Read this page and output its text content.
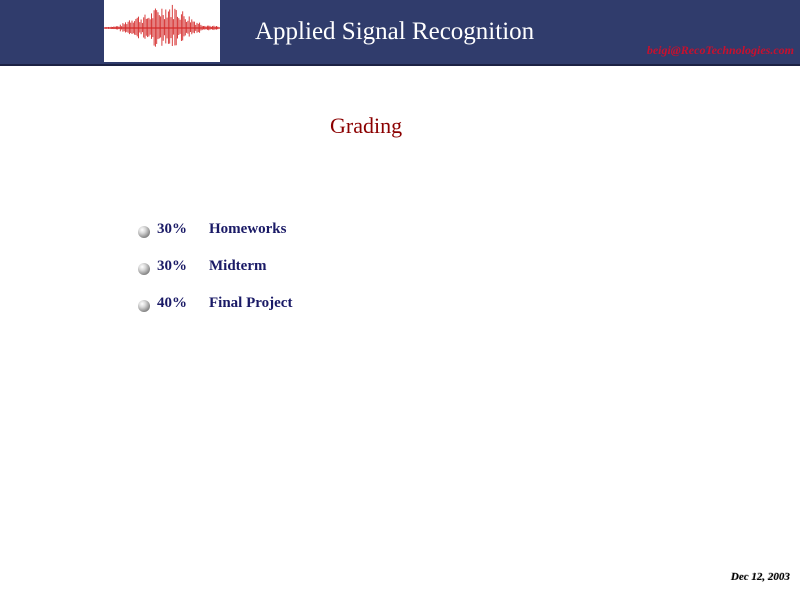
Applied Signal Recognition
beigi@RecoTechnologies.com
Grading
30%	Homeworks
30%	Midterm
40%	Final Project
Dec 12, 2003
